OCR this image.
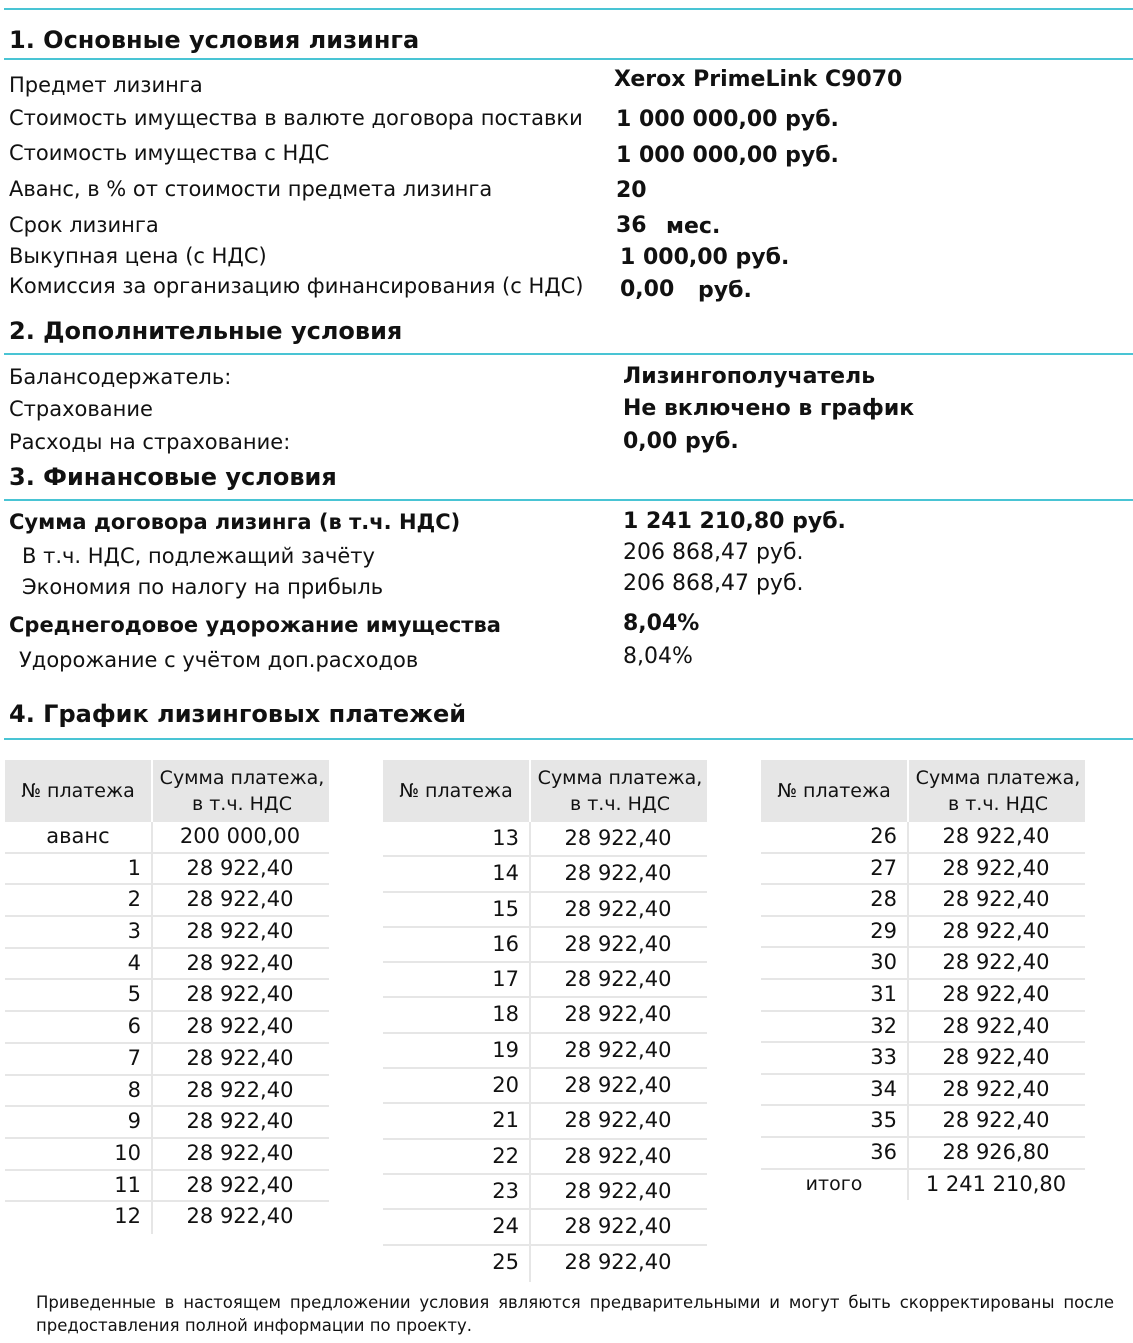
1. Основные условия лизинга
Предмет лизинга	Xerox PrimeLink C9070
Стоимость имущества в валюте договора поставки 1 000 000,00 руб.
Стоимость имущества с НДС	1 000 000,00 руб.
Аванс, в % от стоимости предмета лизинга	20
Срок лизинга	36 мес.
Выкупная цена (с НДС)	1 000,00 руб.
Комиссия за организацию финансирования (с НДС) 0,00 руб.
2. Дополнительные условия
Балансодержатель:	Лизингополучатель
Страхование	Не включено в график
Расходы на страхование:	0,00 руб.
3. Финансовые условия
Сумма договора лизинга (в т.ч. НДС)	1 241 210,80 руб.
В т.ч. НДС, подлежащий зачёту	206 868,47 руб.
Экономия по налогу на прибыль	206 868,47 руб.
Среднегодовое удорожание имущества	8,04%
Удорожание с учётом доп.расходов	8,04%
4. График лизинговых платежей
№ платежа
Сумма платежа,
в т.ч. НДС
аванс	200 000,00
1	28 922,40
2	28 922,40
3	28 922,40
4	28 922,40
5	28 922,40
6	28 922,40
7	28 922,40
8	28 922,40
9	28 922,40
10	28 922,40
11	28 922,40
12	28 922,40
№ платежа
Сумма платежа,
в т.ч. НДС
13	28 922,40
14	28 922,40
15	28 922,40
16	28 922,40
17	28 922,40
18	28 922,40
19	28 922,40
20	28 922,40
21	28 922,40
22	28 922,40
23	28 922,40
24	28 922,40
25	28 922,40
№ платежа
Сумма платежа,
в т.ч. НДС
26	28 922,40
27	28 922,40
28	28 922,40
29	28 922,40
30	28 922,40
31	28 922,40
32	28 922,40
33	28 922,40
34	28 922,40
35	28 922,40
36	28 926,80
итого	1 241 210,80
Приведенные в настоящем предложении условия являются предварительными и могут быть скорректированы после предоставления полной информации по проекту.
